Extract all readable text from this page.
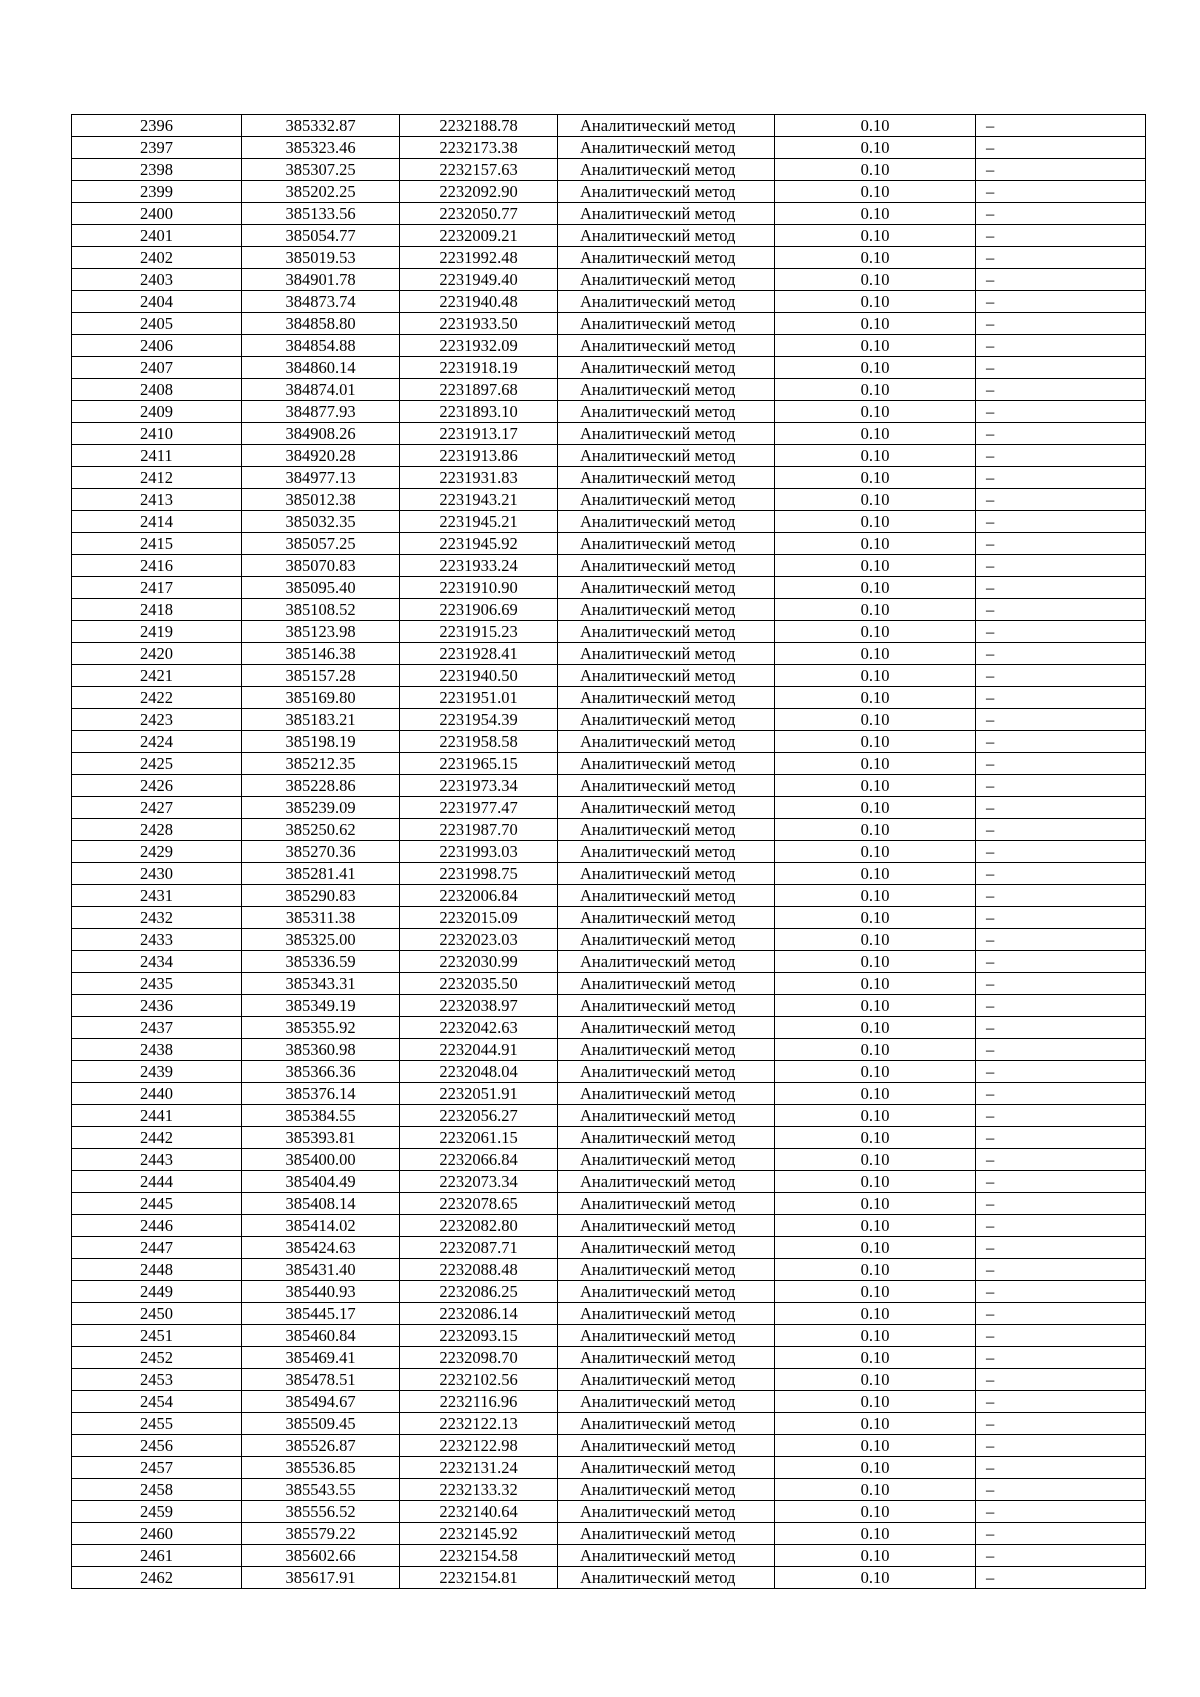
2396	385332.87	2232188.78	Аналитический метод	0.10	–
2397	385323.46	2232173.38	Аналитический метод	0.10	–
2398	385307.25	2232157.63	Аналитический метод	0.10	–
2399	385202.25	2232092.90	Аналитический метод	0.10	–
2400	385133.56	2232050.77	Аналитический метод	0.10	–
2401	385054.77	2232009.21	Аналитический метод	0.10	–
2402	385019.53	2231992.48	Аналитический метод	0.10	–
2403	384901.78	2231949.40	Аналитический метод	0.10	–
2404	384873.74	2231940.48	Аналитический метод	0.10	–
2405	384858.80	2231933.50	Аналитический метод	0.10	–
2406	384854.88	2231932.09	Аналитический метод	0.10	–
2407	384860.14	2231918.19	Аналитический метод	0.10	–
2408	384874.01	2231897.68	Аналитический метод	0.10	–
2409	384877.93	2231893.10	Аналитический метод	0.10	–
2410	384908.26	2231913.17	Аналитический метод	0.10	–
2411	384920.28	2231913.86	Аналитический метод	0.10	–
2412	384977.13	2231931.83	Аналитический метод	0.10	–
2413	385012.38	2231943.21	Аналитический метод	0.10	–
2414	385032.35	2231945.21	Аналитический метод	0.10	–
2415	385057.25	2231945.92	Аналитический метод	0.10	–
2416	385070.83	2231933.24	Аналитический метод	0.10	–
2417	385095.40	2231910.90	Аналитический метод	0.10	–
2418	385108.52	2231906.69	Аналитический метод	0.10	–
2419	385123.98	2231915.23	Аналитический метод	0.10	–
2420	385146.38	2231928.41	Аналитический метод	0.10	–
2421	385157.28	2231940.50	Аналитический метод	0.10	–
2422	385169.80	2231951.01	Аналитический метод	0.10	–
2423	385183.21	2231954.39	Аналитический метод	0.10	–
2424	385198.19	2231958.58	Аналитический метод	0.10	–
2425	385212.35	2231965.15	Аналитический метод	0.10	–
2426	385228.86	2231973.34	Аналитический метод	0.10	–
2427	385239.09	2231977.47	Аналитический метод	0.10	–
2428	385250.62	2231987.70	Аналитический метод	0.10	–
2429	385270.36	2231993.03	Аналитический метод	0.10	–
2430	385281.41	2231998.75	Аналитический метод	0.10	–
2431	385290.83	2232006.84	Аналитический метод	0.10	–
2432	385311.38	2232015.09	Аналитический метод	0.10	–
2433	385325.00	2232023.03	Аналитический метод	0.10	–
2434	385336.59	2232030.99	Аналитический метод	0.10	–
2435	385343.31	2232035.50	Аналитический метод	0.10	–
2436	385349.19	2232038.97	Аналитический метод	0.10	–
2437	385355.92	2232042.63	Аналитический метод	0.10	–
2438	385360.98	2232044.91	Аналитический метод	0.10	–
2439	385366.36	2232048.04	Аналитический метод	0.10	–
2440	385376.14	2232051.91	Аналитический метод	0.10	–
2441	385384.55	2232056.27	Аналитический метод	0.10	–
2442	385393.81	2232061.15	Аналитический метод	0.10	–
2443	385400.00	2232066.84	Аналитический метод	0.10	–
2444	385404.49	2232073.34	Аналитический метод	0.10	–
2445	385408.14	2232078.65	Аналитический метод	0.10	–
2446	385414.02	2232082.80	Аналитический метод	0.10	–
2447	385424.63	2232087.71	Аналитический метод	0.10	–
2448	385431.40	2232088.48	Аналитический метод	0.10	–
2449	385440.93	2232086.25	Аналитический метод	0.10	–
2450	385445.17	2232086.14	Аналитический метод	0.10	–
2451	385460.84	2232093.15	Аналитический метод	0.10	–
2452	385469.41	2232098.70	Аналитический метод	0.10	–
2453	385478.51	2232102.56	Аналитический метод	0.10	–
2454	385494.67	2232116.96	Аналитический метод	0.10	–
2455	385509.45	2232122.13	Аналитический метод	0.10	–
2456	385526.87	2232122.98	Аналитический метод	0.10	–
2457	385536.85	2232131.24	Аналитический метод	0.10	–
2458	385543.55	2232133.32	Аналитический метод	0.10	–
2459	385556.52	2232140.64	Аналитический метод	0.10	–
2460	385579.22	2232145.92	Аналитический метод	0.10	–
2461	385602.66	2232154.58	Аналитический метод	0.10	–
2462	385617.91	2232154.81	Аналитический метод	0.10	–
